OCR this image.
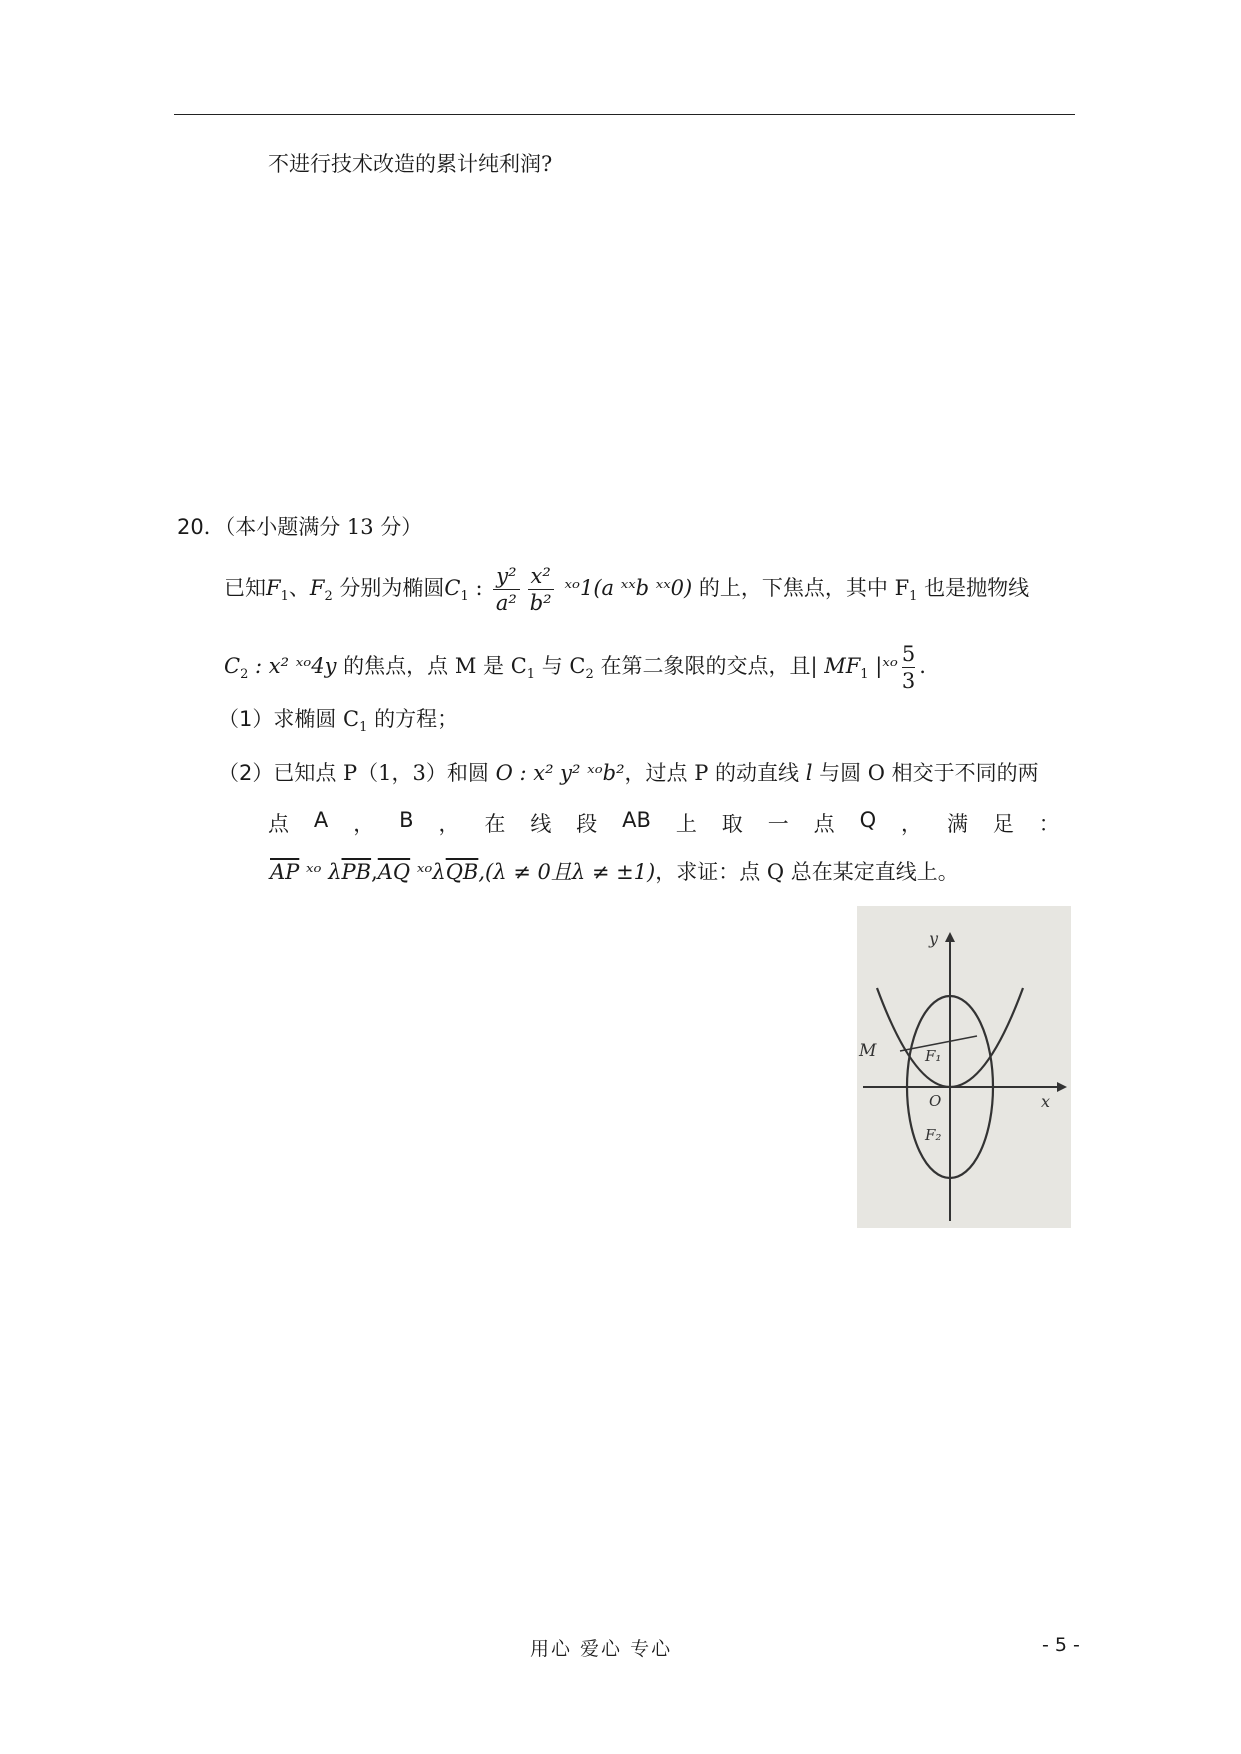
不进行技术改造的累计纯利润?
20．（本小题满分 13 分）
已知$F_1$、$F_2$ 分别为椭圆$C_1$ : $\frac{\text{y²}}{\text{a²}} \frac{\text{x²}}{\text{b²}}$ ˣᵒ1(a ˣˣb ˣˣ0) 的上，下焦点，其中 $F_1$ 也是抛物线
$C_2$ : x² ˣᵒ4y 的焦点，点 M 是 $C_1$ 与 $C_2$ 在第二象限的交点，且| $MF_1$ |ˣᵒ $\frac{5}{3}$ .
（1）求椭圆 $C_1$ 的方程；
（2）已知点 P（1，3）和圆 O : x² y² ˣᵒb²，过点 P 的动直线 l 与圆 O 相交于不同的两
点 A ， B ， 在 线 段 AB 上 取 一 点 Q ， 满 足 ：
$\overline{AP}$ ˣᵒ $\lambda\overline{PB},\overline{AQ}$ $ˣᵒ\lambda\overline{QB},(\lambda \ne 0$且λ ≠ ±1)，求证：点 Q 总在某定直线上。
y
x
M
O
F₁
F₂
用心 爱心 专心	- 5 -
